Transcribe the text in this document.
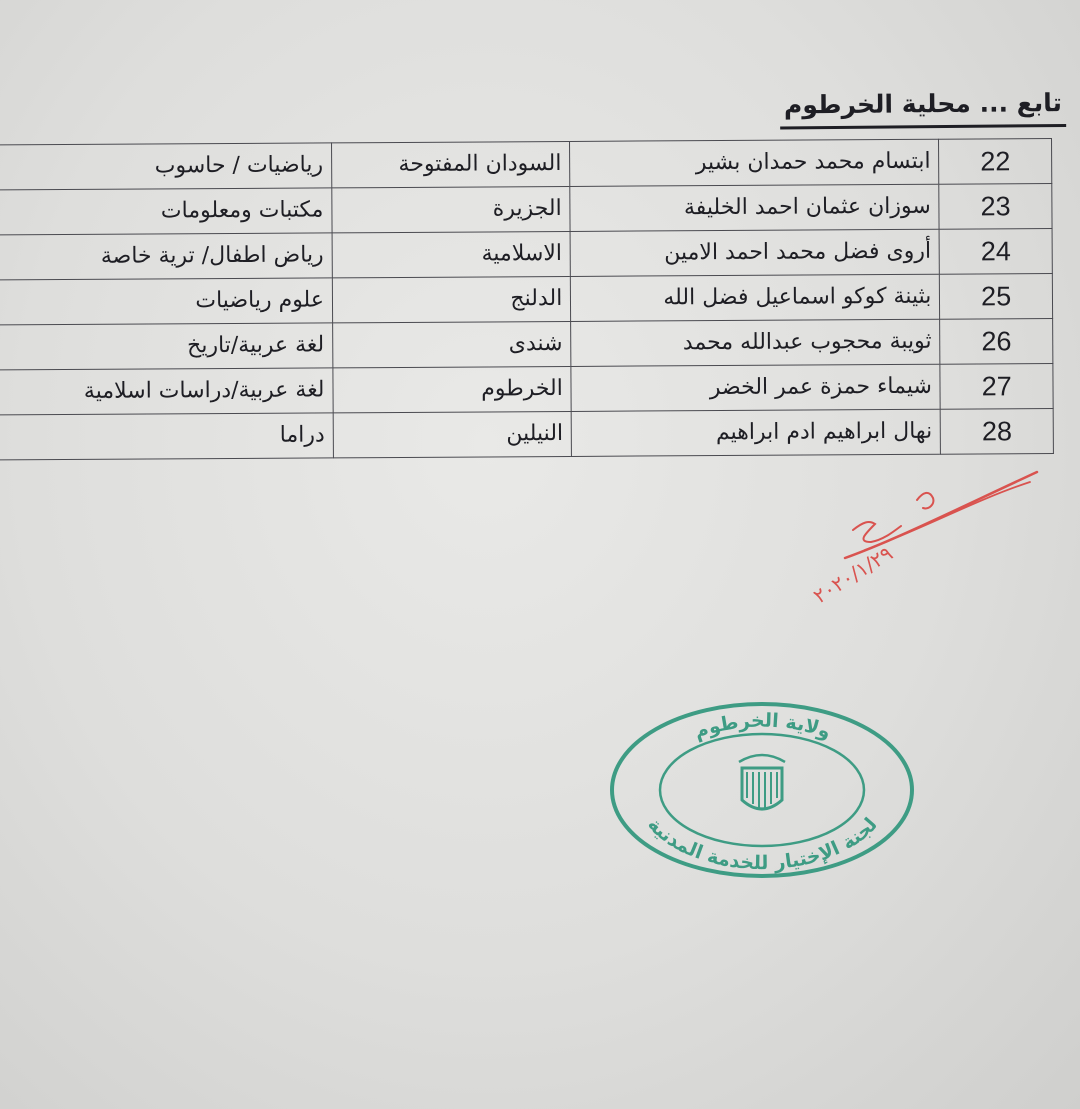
تابع ... محلية الخرطوم
22	ابتسام محمد حمدان بشير	السودان المفتوحة	رياضيات / حاسوب
23	سوزان عثمان احمد الخليفة	الجزيرة	مكتبات ومعلومات
24	أروى فضل محمد احمد الامين	الاسلامية	رياض اطفال/ ترية خاصة
25	بثينة كوكو اسماعيل فضل الله	الدلنج	علوم رياضيات
26	ثويبة محجوب عبدالله محمد	شندى	لغة عربية/تاريخ
27	شيماء حمزة عمر الخضر	الخرطوم	لغة عربية/دراسات اسلامية
28	نهال ابراهيم ادم ابراهيم	النيلين	دراما
٢٠٢٠/١/٢٩
ولاية الخرطوم
لجنة الإختيار للخدمة المدنية
